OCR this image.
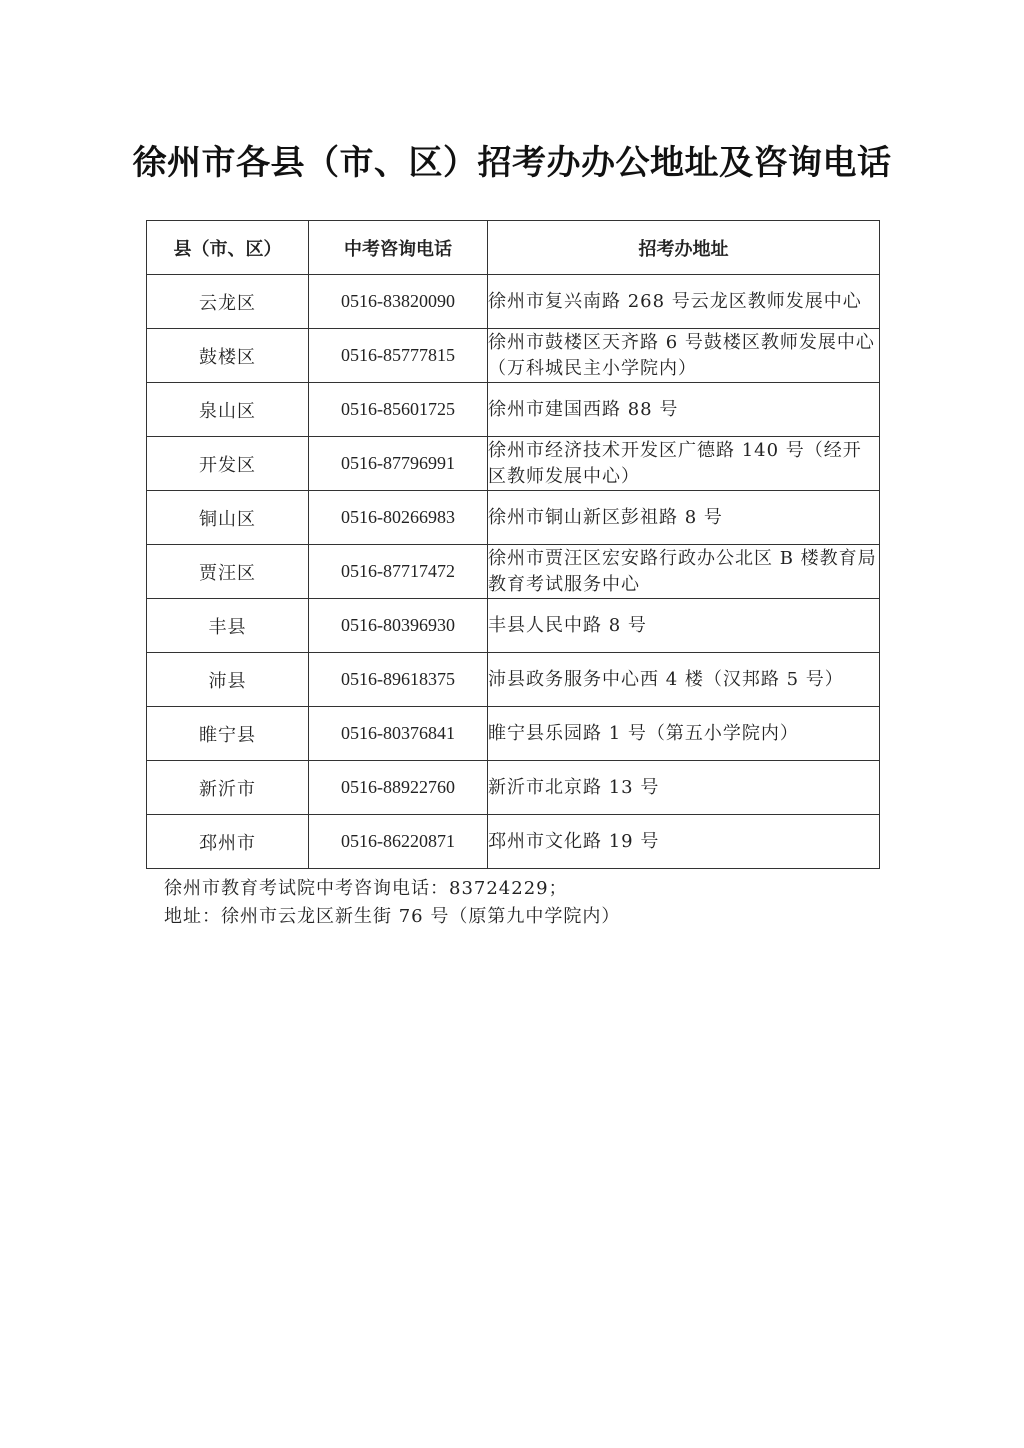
徐州市各县（市、区）招考办办公地址及咨询电话
县（市、区）	中考咨询电话	招考办地址
云龙区	0516-83820090	徐州市复兴南路 268 号云龙区教师发展中心
鼓楼区	0516-85777815	徐州市鼓楼区天齐路 6 号鼓楼区教师发展中心（万科城民主小学院内）
泉山区	0516-85601725	徐州市建国西路 88 号
开发区	0516-87796991	徐州市经济技术开发区广德路 140 号（经开区教师发展中心）
铜山区	0516-80266983	徐州市铜山新区彭祖路 8 号
贾汪区	0516-87717472	徐州市贾汪区宏安路行政办公北区 B 楼教育局教育考试服务中心
丰县	0516-80396930	丰县人民中路 8 号
沛县	0516-89618375	沛县政务服务中心西 4 楼（汉邦路 5 号）
睢宁县	0516-80376841	睢宁县乐园路 1 号（第五小学院内）
新沂市	0516-88922760	新沂市北京路 13 号
邳州市	0516-86220871	邳州市文化路 19 号

徐州市教育考试院中考咨询电话：83724229；

地址：徐州市云龙区新生街 76 号（原第九中学院内）
